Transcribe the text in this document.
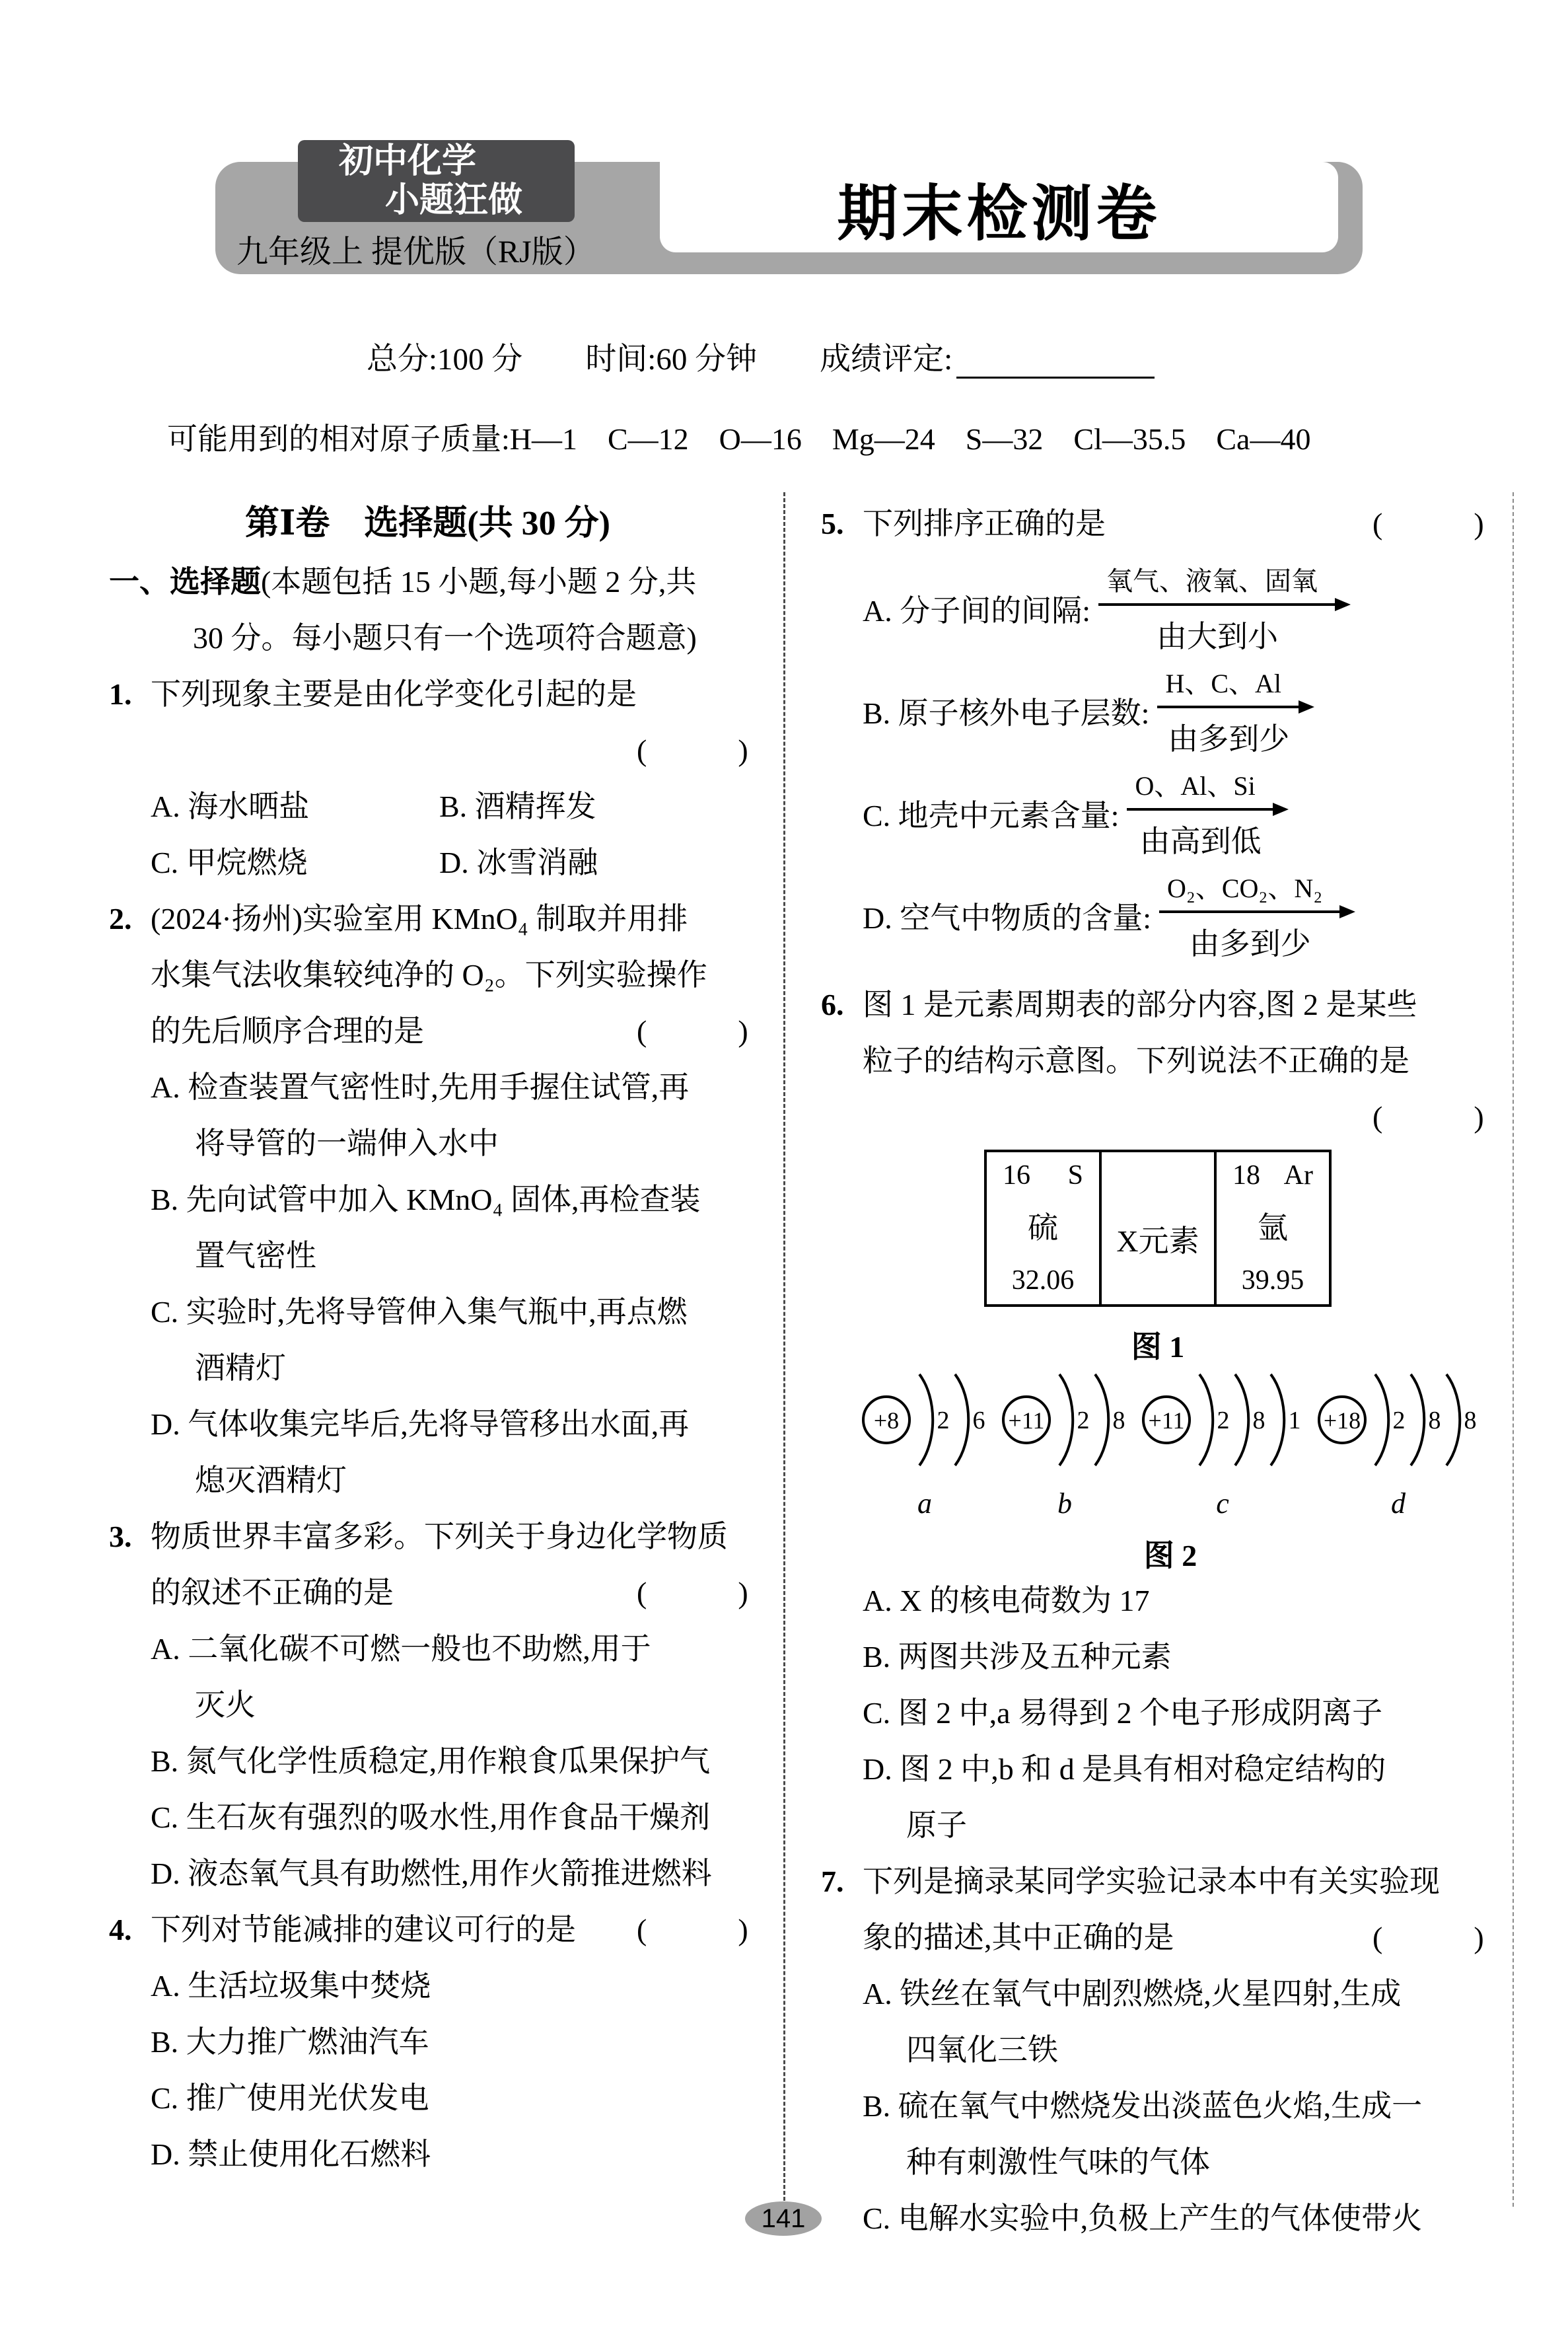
初中化学
小题狂做
九年级上 提优版（RJ版）
期末检测卷
总分:100 分 时间:60 分钟 成绩评定:
可能用到的相对原子质量:H—1　C—12　O—16　Mg—24　S—32　Cl—35.5　Ca—40
第Ⅰ卷　选择题(共 30 分)
一、选择题(本题包括 15 小题,每小题 2 分,共
30 分。每小题只有一个选项符合题意)
1. 下列现象主要是由化学变化引起的是
(　　　)
A. 海水晒盐	B. 酒精挥发
C. 甲烷燃烧	D. 冰雪消融
2. (2024·扬州)实验室用 KMnO₄ 制取并用排
水集气法收集较纯净的 O₂。下列实验操作
的先后顺序合理的是	(　　　)
A. 检查装置气密性时,先用手握住试管,再
将导管的一端伸入水中
B. 先向试管中加入 KMnO₄ 固体,再检查装
置气密性
C. 实验时,先将导管伸入集气瓶中,再点燃
酒精灯
D. 气体收集完毕后,先将导管移出水面,再
熄灭酒精灯
3. 物质世界丰富多彩。下列关于身边化学物质
的叙述不正确的是	(　　　)
A. 二氧化碳不可燃一般也不助燃,用于
灭火
B. 氮气化学性质稳定,用作粮食瓜果保护气
C. 生石灰有强烈的吸水性,用作食品干燥剂
D. 液态氧气具有助燃性,用作火箭推进燃料
4. 下列对节能减排的建议可行的是 (　　　)
A. 生活垃圾集中焚烧
B. 大力推广燃油汽车
C. 推广使用光伏发电
D. 禁止使用化石燃料
5. 下列排序正确的是	(　　　)
A. 分子间的间隔: $\frac{\text{氧气、液氧、固氧}}{\text{由大到小}}$
B. 原子核外电子层数: $\frac{H、C、Al}{\text{由多到少}}$
C. 地壳中元素含量: $\frac{O、Al、Si}{\text{由高到低}}$
D. 空气中物质的含量: $\frac{\text{O₂、CO₂、N₂}}{\text{由多到少}}$
6. 图 1 是元素周期表的部分内容,图 2 是某些
粒子的结构示意图。下列说法不正确的是
(　　　)
16 S
硫
32.06
X元素
18 Ar
氩
39.95
图 1
+8 2 6
a
+11 2 8
b
+11 2 8 1
c
+18 2 8 8
d
图 2
A. X 的核电荷数为 17
B. 两图共涉及五种元素
C. 图 2 中,a 易得到 2 个电子形成阴离子
D. 图 2 中,b 和 d 是具有相对稳定结构的
原子
7. 下列是摘录某同学实验记录本中有关实验现
象的描述,其中正确的是	(　　　)
A. 铁丝在氧气中剧烈燃烧,火星四射,生成
四氧化三铁
B. 硫在氧气中燃烧发出淡蓝色火焰,生成一
种有刺激性气味的气体
C. 电解水实验中,负极上产生的气体使带火
141
